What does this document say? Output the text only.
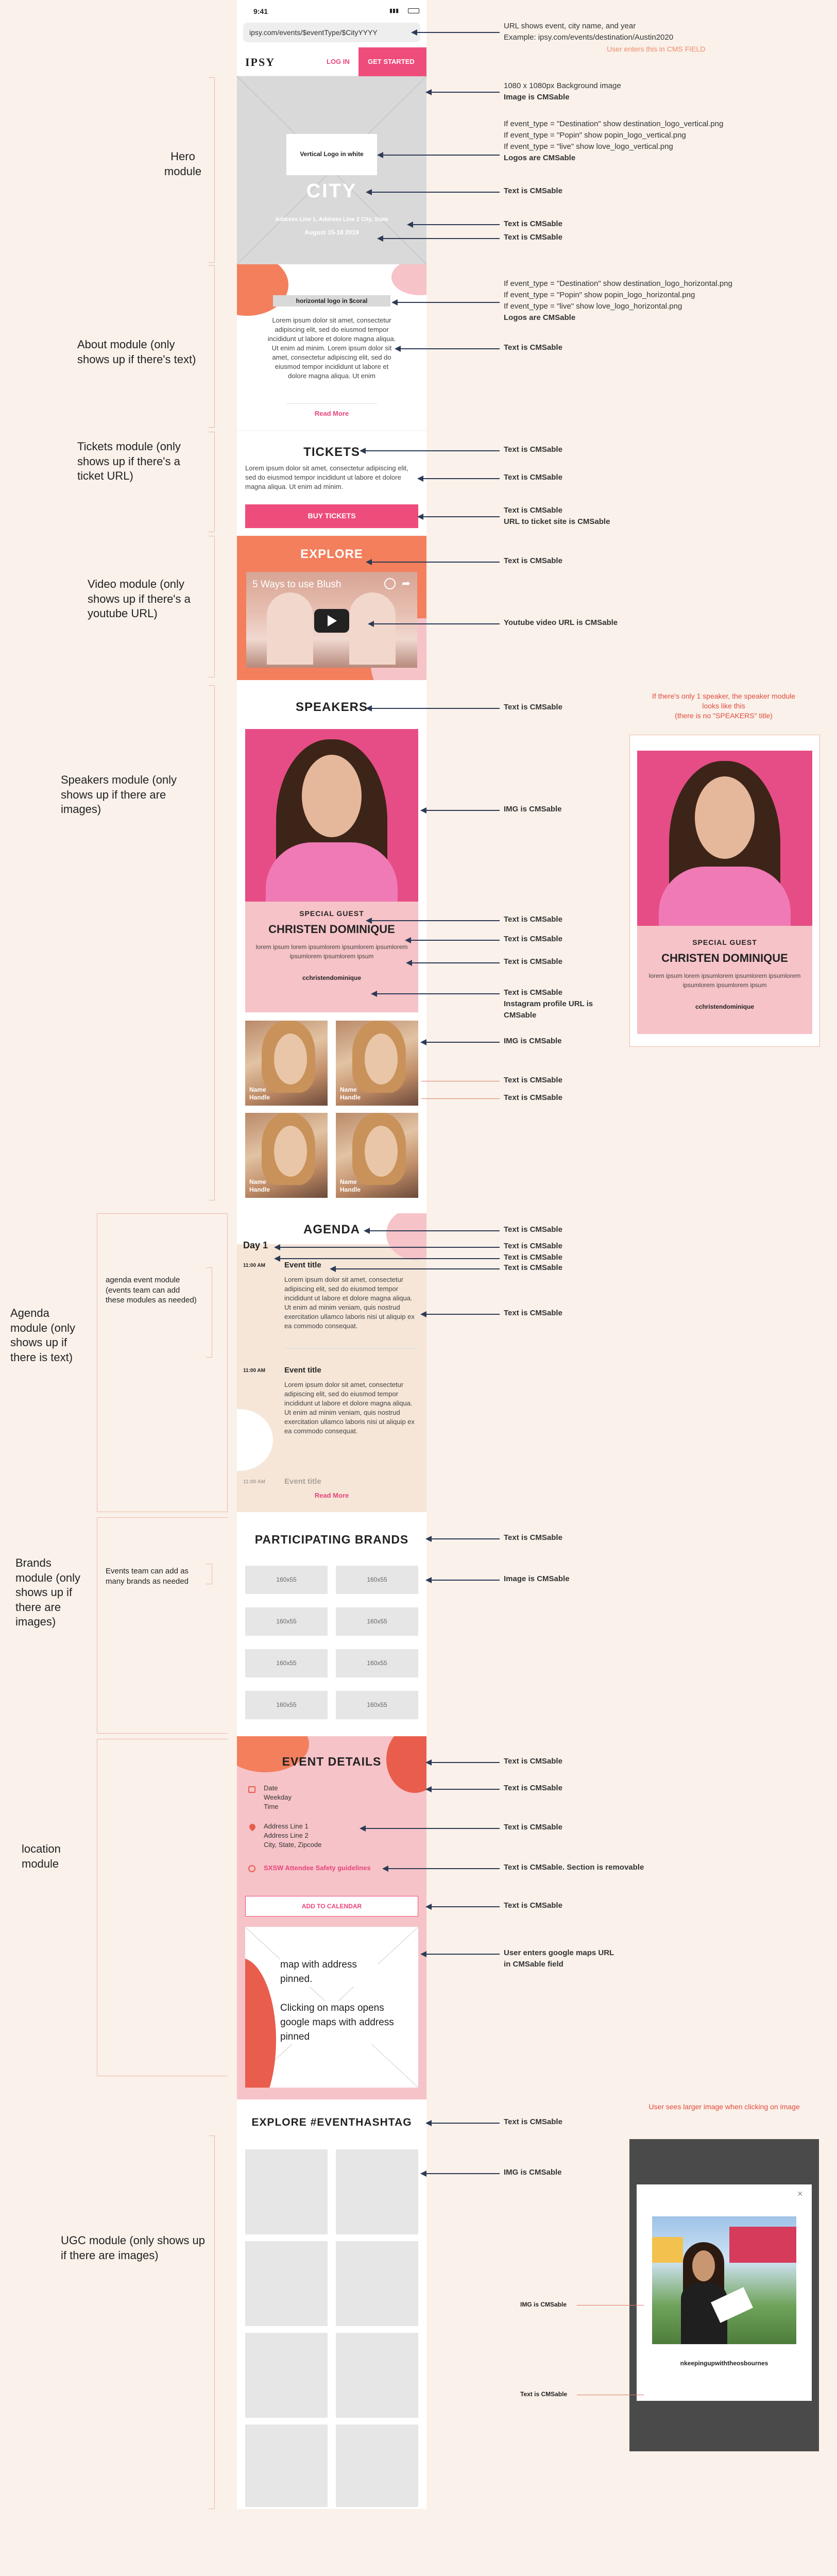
9:41	▮▮▮
ipsy.com/events/$eventType/$CityYYYY
IPSY	LOG IN	GET STARTED
Vertical Logo in white
CITY
Address Line 1, Address Line 2 City, State
August 15-18 2019
horizontal logo in $coral

Lorem ipsum dolor sit amet, consectetur adipiscing elit, sed do eiusmod tempor incididunt ut labore et dolore magna aliqua. Ut enim ad minim. Lorem ipsum dolor sit amet, consectetur adipiscing elit, sed do eiusmod tempor incididunt ut labore et dolore magna aliqua. Ut enim

Read More
TICKETS

Lorem ipsum dolor sit amet, consectetur adipiscing elit, sed do eiusmod tempor incididunt ut labore et dolore magna aliqua. Ut enim ad minim.

BUY TICKETS
EXPLORE
5 Ways to use Blush	➦
SPEAKERS
SPECIAL GUEST
CHRISTEN DOMINIQUE

lorem ipsum lorem ipsumlorem ipsumlorem ipsumlorem ipsumlorem ipsumlorem ipsum

cchristendominique
Name
Handle
Name
Handle
Name
Handle
Name
Handle
AGENDA
Day 1
11:00 AM Event title

Lorem ipsum dolor sit amet, consectetur adipiscing elit, sed do eiusmod tempor incididunt ut labore et dolore magna aliqua. Ut enim ad minim veniam, quis nostrud exercitation ullamco laboris nisi ut aliquip ex ea commodo consequat.

11:00 AM Event title

Lorem ipsum dolor sit amet, consectetur adipiscing elit, sed do eiusmod tempor incididunt ut labore et dolore magna aliqua. Ut enim ad minim veniam, quis nostrud exercitation ullamco laboris nisi ut aliquip ex ea commodo consequat.

11:00 AM Event title
Read More
PARTICIPATING BRANDS
160x55	160x55
160x55	160x55
160x55	160x55
160x55	160x55
EVENT DETAILS
Date
Weekday
Time
Address Line 1
Address Line 2
City, State, Zipcode
SXSW Attendee Safety guidelines
ADD TO CALENDAR

map with address pinned.

Clicking on maps opens google maps with address pinned

EXPLORE #EVENTHASHTAG
Hero module
About module (only shows up if there's text)
Tickets module (only shows up if there's a ticket URL)
Video module (only shows up if there's a youtube URL)
Speakers module (only shows up if there are images)
agenda event module (events team can add these modules as needed)
Agenda module (only shows up if there is text)
Events team can add as many brands as needed
Brands module (only shows up if there are images)
location module
UGC module (only shows up if there are images)
URL shows event, city name, and year
Example: ipsy.com/events/destination/Austin2020
User enters this in CMS FIELD
1080 x 1080px Background image
Image is CMSable
If event_type = "Destination" show destination_logo_vertical.png
If event_type = "Popin" show popin_logo_vertical.png
If event_type = "live" show love_logo_vertical.png
Logos are CMSable
Text is CMSable
Text is CMSable
Text is CMSable
If event_type = "Destination" show destination_logo_horizontal.png
If event_type = "Popin" show popin_logo_horizontal.png
If event_type = "live" show love_logo_horizontal.png
Logos are CMSable
Text is CMSable
Text is CMSable
Text is CMSable
Text is CMSable
URL to ticket site is CMSable
Text is CMSable
Youtube video URL is CMSable
Text is CMSable
IMG is CMSable
Text is CMSable
Text is CMSable
Text is CMSable
Text is CMSable
Instagram profile URL is CMSable
IMG is CMSable
Text is CMSable
Text is CMSable
If there's only 1 speaker, the speaker module looks like this
(there is no "SPEAKERS" title)
SPECIAL GUEST
CHRISTEN DOMINIQUE

lorem ipsum lorem ipsumlorem ipsumlorem ipsumlorem ipsumlorem ipsumlorem ipsum

cchristendominique
Text is CMSable
Text is CMSable
Text is CMSable
Text is CMSable
Text is CMSable
Text is CMSable
Image is CMSable
Text is CMSable
Text is CMSable
Text is CMSable
Text is CMSable. Section is removable
Text is CMSable
User enters google maps URL
in CMSable field
Text is CMSable
IMG is CMSable
User sees larger image when clicking on image
×
nkeepingupwiththeosbournes
IMG is CMSable
Text is CMSable
